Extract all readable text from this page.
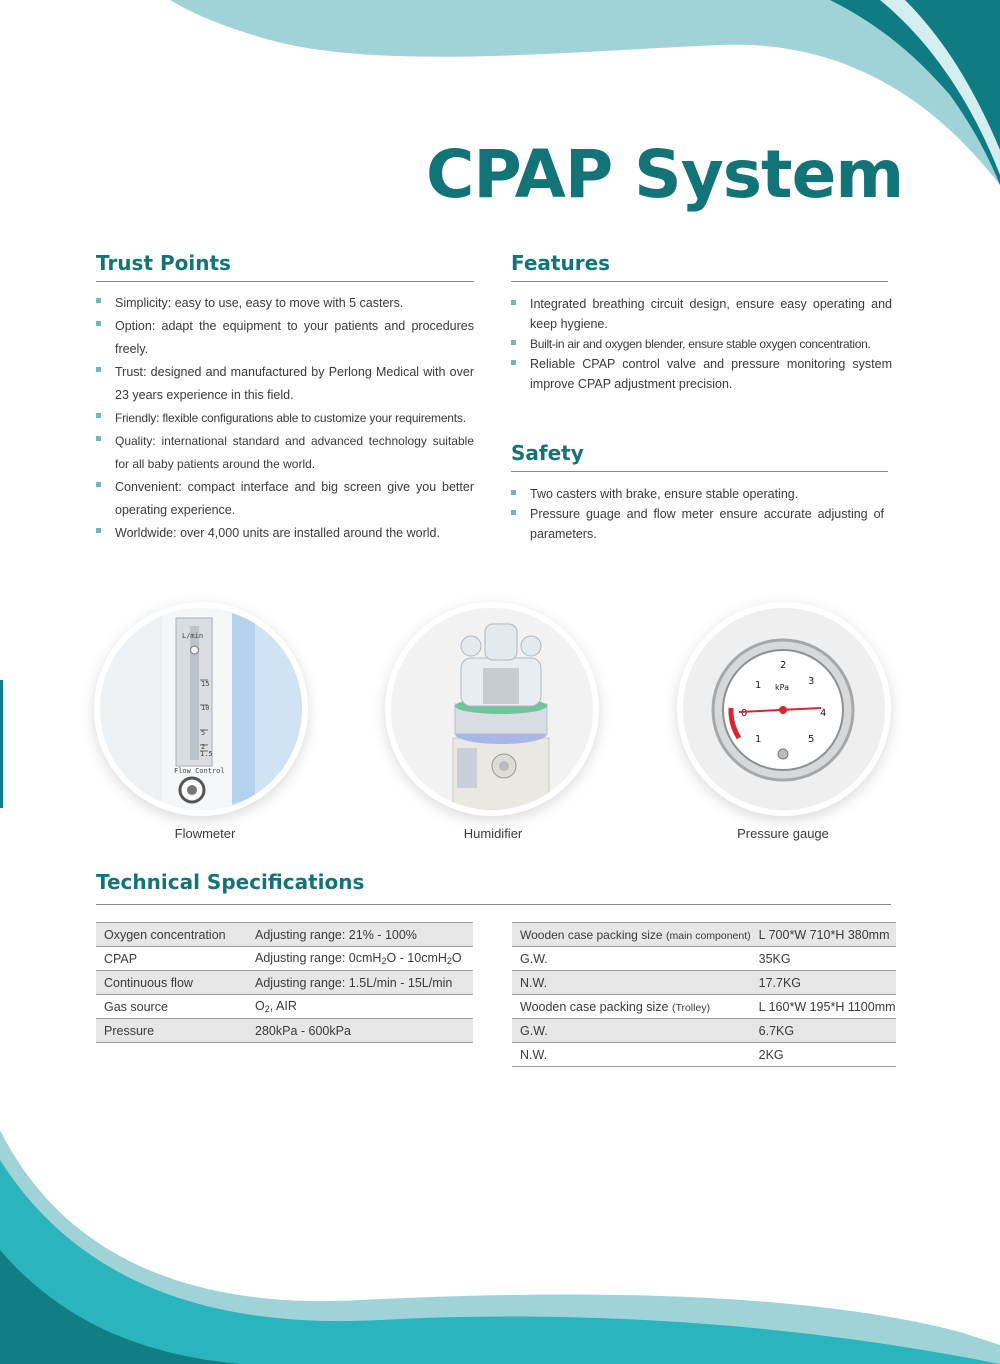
CPAP System
Trust Points
Simplicity: easy to use, easy to move with 5 casters.
Option: adapt the equipment to your patients and procedures freely.
Trust: designed and manufactured by Perlong Medical with over 23 years experience in this field.
Friendly: flexible configurations able to customize your requirements.
Quality: international standard and advanced technology suitable for all baby patients around the world.
Convenient: compact interface and big screen give you better operating experience.
Worldwide: over 4,000 units are installed around the world.
Features
Integrated breathing circuit design, ensure easy operating and keep hygiene.
Built-in air and oxygen blender, ensure stable oxygen concentration.
Reliable CPAP control valve and pressure monitoring system improve CPAP adjustment precision.
Safety
Two casters with brake, ensure stable operating.
Pressure guage and flow meter ensure accurate adjusting of parameters.
L/min
15
10
5
2
1.5
Flow Control
Flowmeter	Humidifier
1
0
1
2
3
4
5
kPa
Pressure gauge
Technical Specifications
Oxygen concentration	Adjusting range: 21% - 100%
CPAP	Adjusting range: 0cmH$_2$O - 10cmH$_2$O
Continuous flow	Adjusting range: 1.5L/min - 15L/min
Gas source	$O_2$, AIR
Pressure	280kPa - 600kPa
Wooden case packing size (main component)	L 700*W 710*H 380mm
G.W.	35KG
N.W.	17.7KG
Wooden case packing size (Trolley)	L 160*W 195*H 1100mm
G.W.	6.7KG
N.W.	2KG
